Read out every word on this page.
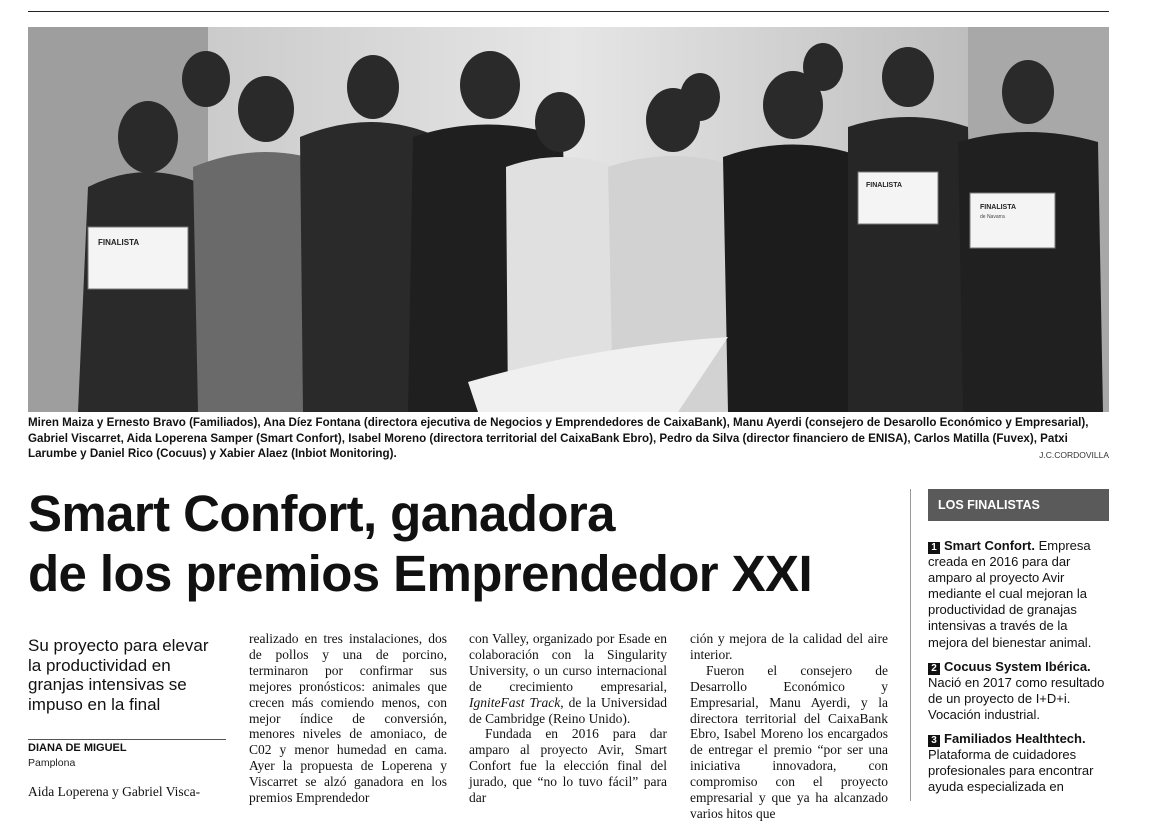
FINALISTA
FINALISTA
FINALISTA
de Navarra
Miren Maiza y Ernesto Bravo (Familiados), Ana Díez Fontana (directora ejecutiva de Negocios y Emprendedores de CaixaBank), Manu Ayerdi (consejero de Desarollo Económico y Empresarial), Gabriel Viscarret, Aida Loperena Samper (Smart Confort), Isabel Moreno (directora territorial del CaixaBank Ebro), Pedro da Silva (director financiero de ENISA), Carlos Matilla (Fuvex), Patxi Larumbe y Daniel Rico (Cocuus) y Xabier Alaez (Inbiot Monitoring).	J.C.CORDOVILLA
Smart Confort, ganadora
de los premios Emprendedor XXI
Su proyecto para elevar la productividad en granjas intensivas se impuso en la final
DIANA DE MIGUEL
Pamplona
Aida Loperena y Gabriel Visca-

realizado en tres instalaciones, dos de pollos y una de porcino, terminaron por confirmar sus mejores pronósticos: animales que crecen más comiendo menos, con mejor índice de conversión, menores niveles de amoniaco, de C02 y menor humedad en cama. Ayer la propuesta de Loperena y Viscarret se alzó ganadora en los premios Emprendedor

con Valley, organizado por Esade en colaboración con la Singularity University, o un curso internacional de crecimiento empresarial, IgniteFast Track, de la Universidad de Cambridge (Reino Unido).

Fundada en 2016 para dar amparo al proyecto Avir, Smart Confort fue la elección final del jurado, que “no lo tuvo fácil” para dar

ción y mejora de la calidad del aire interior.

Fueron el consejero de Desarrollo Económico y Empresarial, Manu Ayerdi, y la directora territorial del CaixaBank Ebro, Isabel Moreno los encargados de entregar el premio “por ser una iniciativa innovadora, con compromiso con el proyecto empresarial y que ya ha alcanzado varios hitos que

LOS FINALISTAS
1 Smart Confort. Empresa creada en 2016 para dar amparo al proyecto Avir mediante el cual mejoran la productividad de granajas intensivas a través de la mejora del bienestar animal.
2 Cocuus System Ibérica. Nació en 2017 como resultado de un proyecto de I+D+i. Vocación industrial.
3 Familiados Healthtech. Plataforma de cuidadores profesionales para encontrar ayuda especializada en
